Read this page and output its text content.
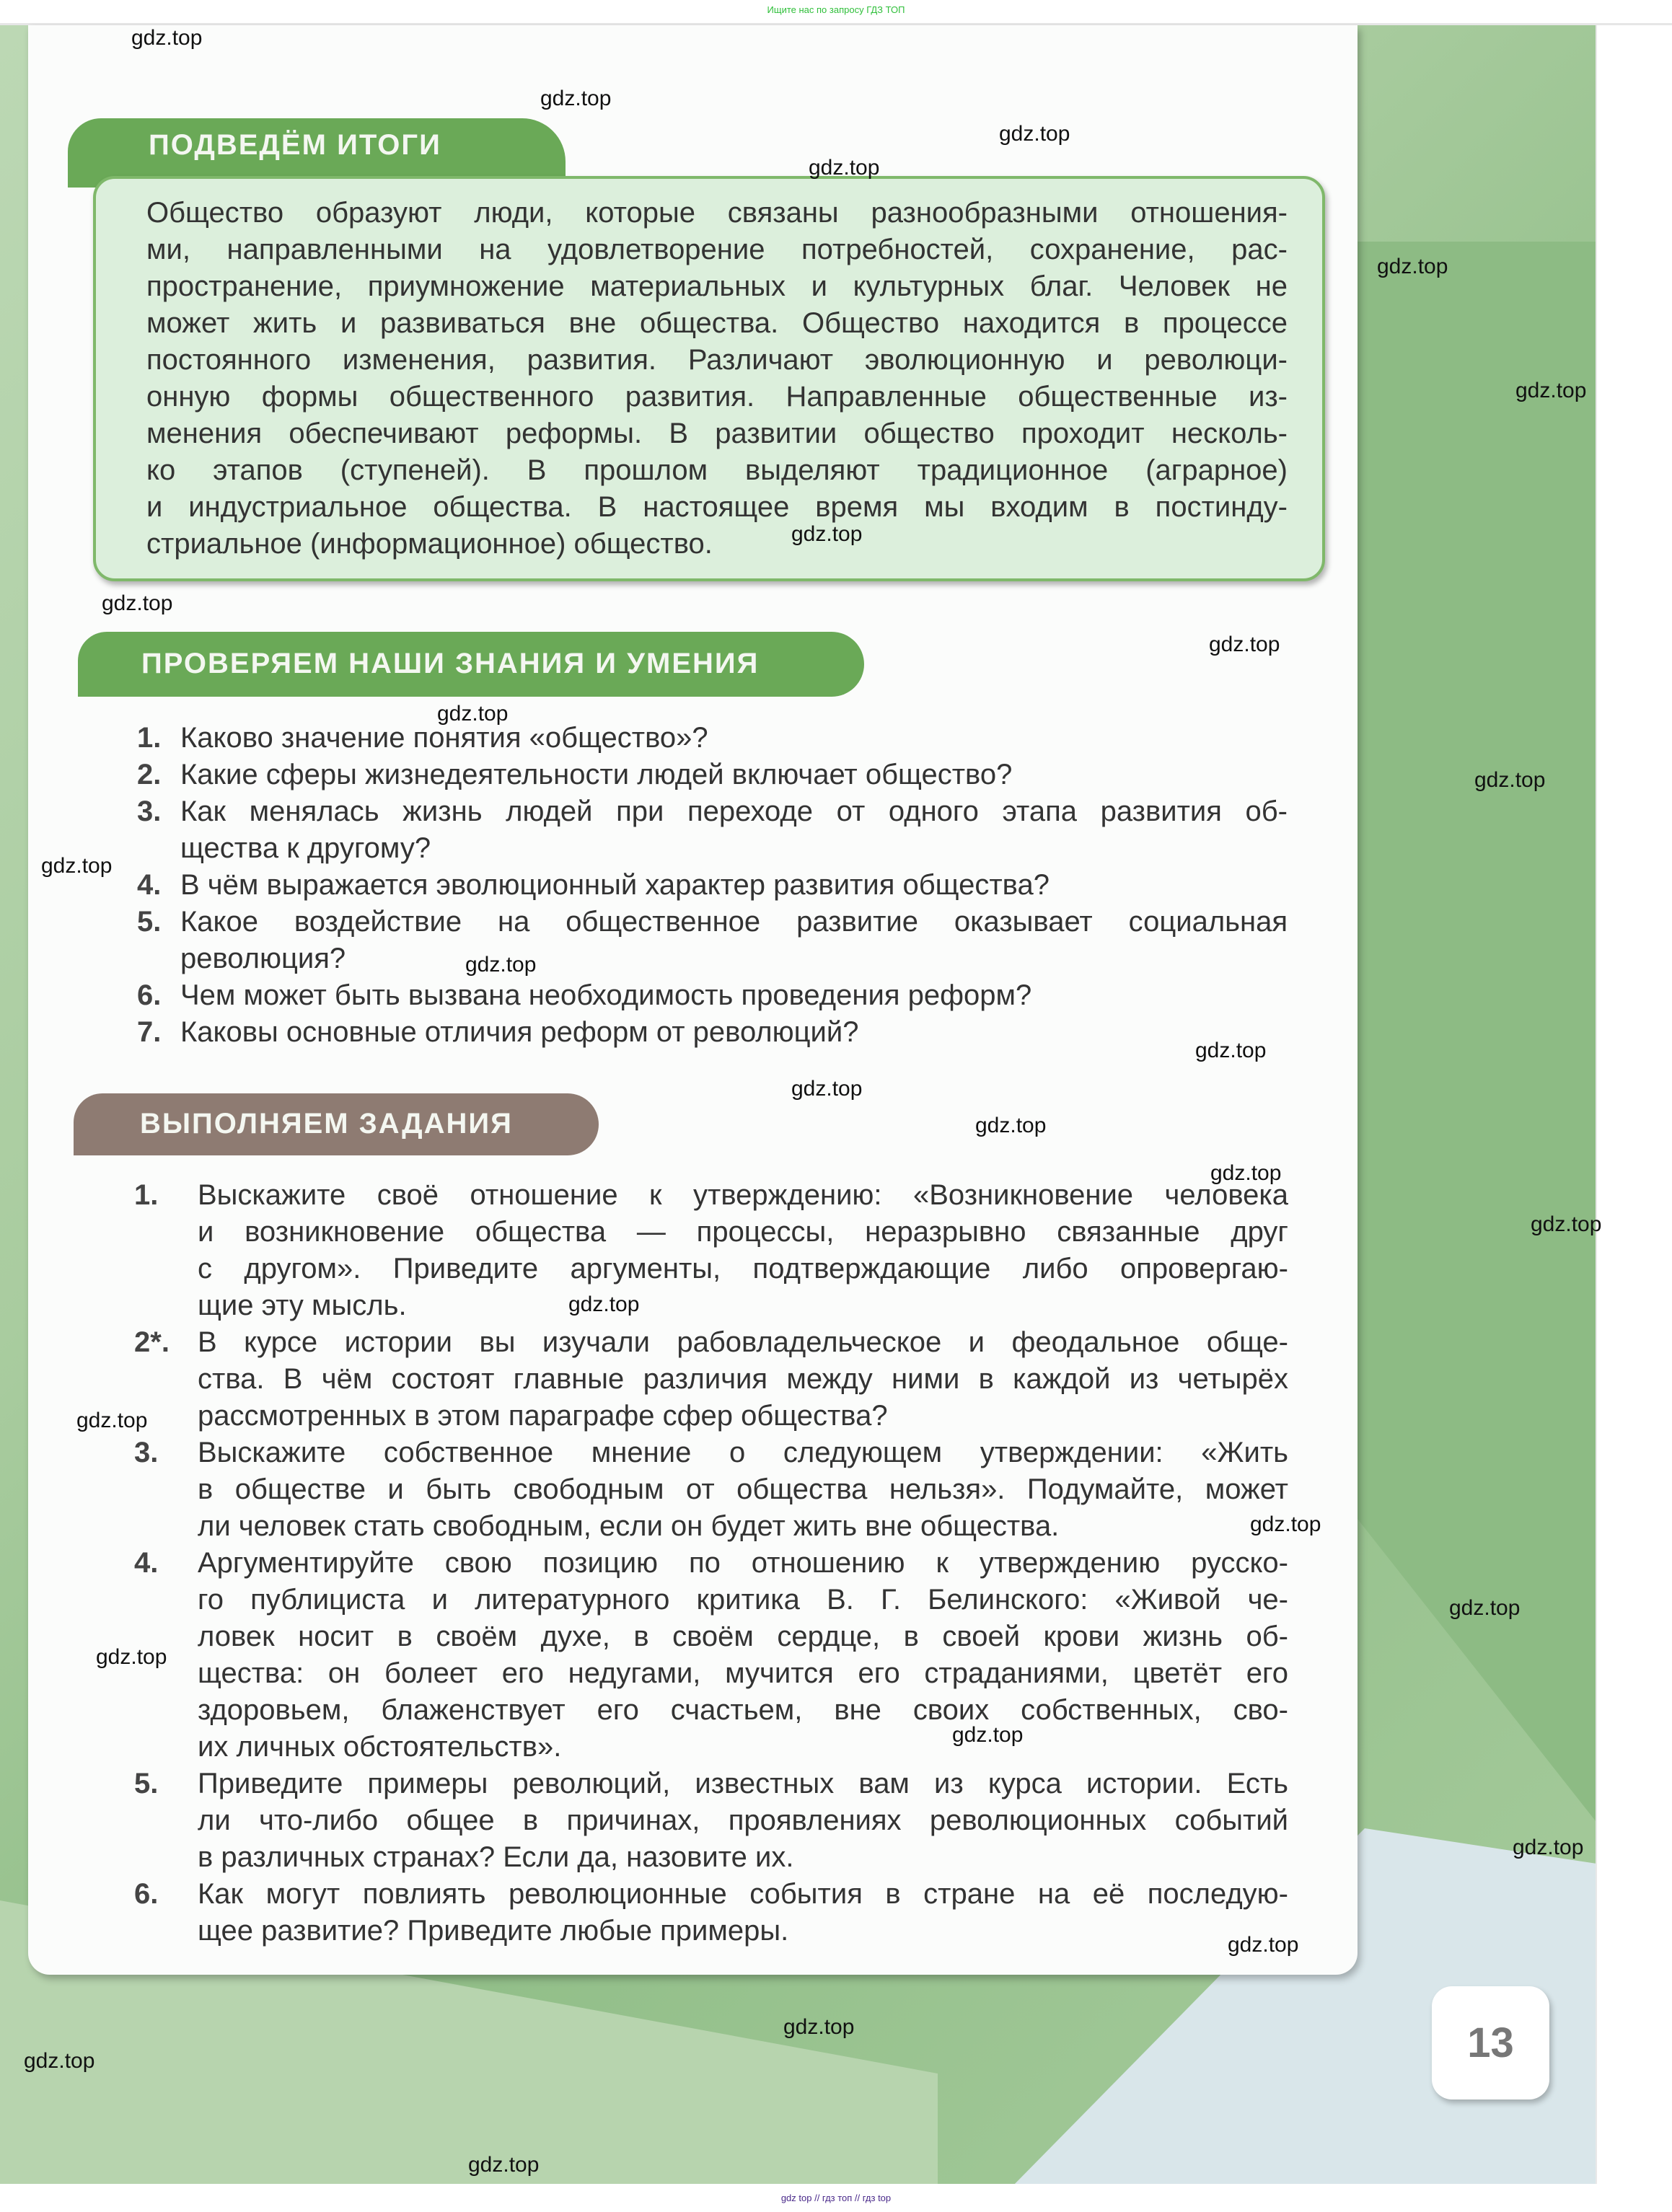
Ищите нас по запросу ГДЗ ТОП
ПОДВЕДЁМ ИТОГИ
Общество образуют люди, которые связаны разнообразными отношения-
ми, направленными на удовлетворение потребностей, сохранение, рас-
пространение, приумножение материальных и культурных благ. Человек не
может жить и развиваться вне общества. Общество находится в процессе
постоянного изменения, развития. Различают эволюционную и революци-
онную формы общественного развития. Направленные общественные из-
менения обеспечивают реформы. В развитии общество проходит несколь-
ко этапов (ступеней). В прошлом выделяют традиционное (аграрное)
и индустриальное общества. В настоящее время мы входим в постинду-
стриальное (информационное) общество.
ПРОВЕРЯЕМ НАШИ ЗНАНИЯ И УМЕНИЯ
1. Каково значение понятия «общество»?
2. Какие сферы жизнедеятельности людей включает общество?
3. Как менялась жизнь людей при переходе от одного этапа развития об-
щества к другому?
4. В чём выражается эволюционный характер развития общества?
5. Какое воздействие на общественное развитие оказывает социальная
революция?
6. Чем может быть вызвана необходимость проведения реформ?
7. Каковы основные отличия реформ от революций?
ВЫПОЛНЯЕМ ЗАДАНИЯ
1.	Выскажите своё отношение к утверждению: «Возникновение человека
и возникновение общества — процессы, неразрывно связанные друг
с другом». Приведите аргументы, подтверждающие либо опровергаю-
щие эту мысль.
2*. В курсе истории вы изучали рабовладельческое и феодальное обще-
ства. В чём состоят главные различия между ними в каждой из четырёх
рассмотренных в этом параграфе сфер общества?
3.	Выскажите собственное мнение о следующем утверждении: «Жить
в обществе и быть свободным от общества нельзя». Подумайте, может
ли человек стать свободным, если он будет жить вне общества.
4.	Аргументируйте свою позицию по отношению к утверждению русско-
го публициста и литературного критика В. Г. Белинского: «Живой че-
ловек носит в своём духе, в своём сердце, в своей крови жизнь об-
щества: он болеет его недугами, мучится его страданиями, цветёт его
здоровьем, блаженствует его счастьем, вне своих собственных, сво-
их личных обстоятельств».
5.	Приведите примеры революций, известных вам из курса истории. Есть
ли что-либо общее в причинах, проявлениях революционных событий
в различных странах? Если да, назовите их.
6.	Как могут повлиять революционные события в стране на её последую-
щее развитие? Приведите любые примеры.
13
gdz top // гдз топ // гдз top
gdz.top
gdz.top
gdz.top
gdz.top
gdz.top
gdz.top
gdz.top
gdz.top
gdz.top
gdz.top
gdz.top
gdz.top
gdz.top
gdz.top
gdz.top
gdz.top
gdz.top
gdz.top
gdz.top
gdz.top
gdz.top
gdz.top
gdz.top
gdz.top
gdz.top
gdz.top
gdz.top
gdz.top
gdz.top
